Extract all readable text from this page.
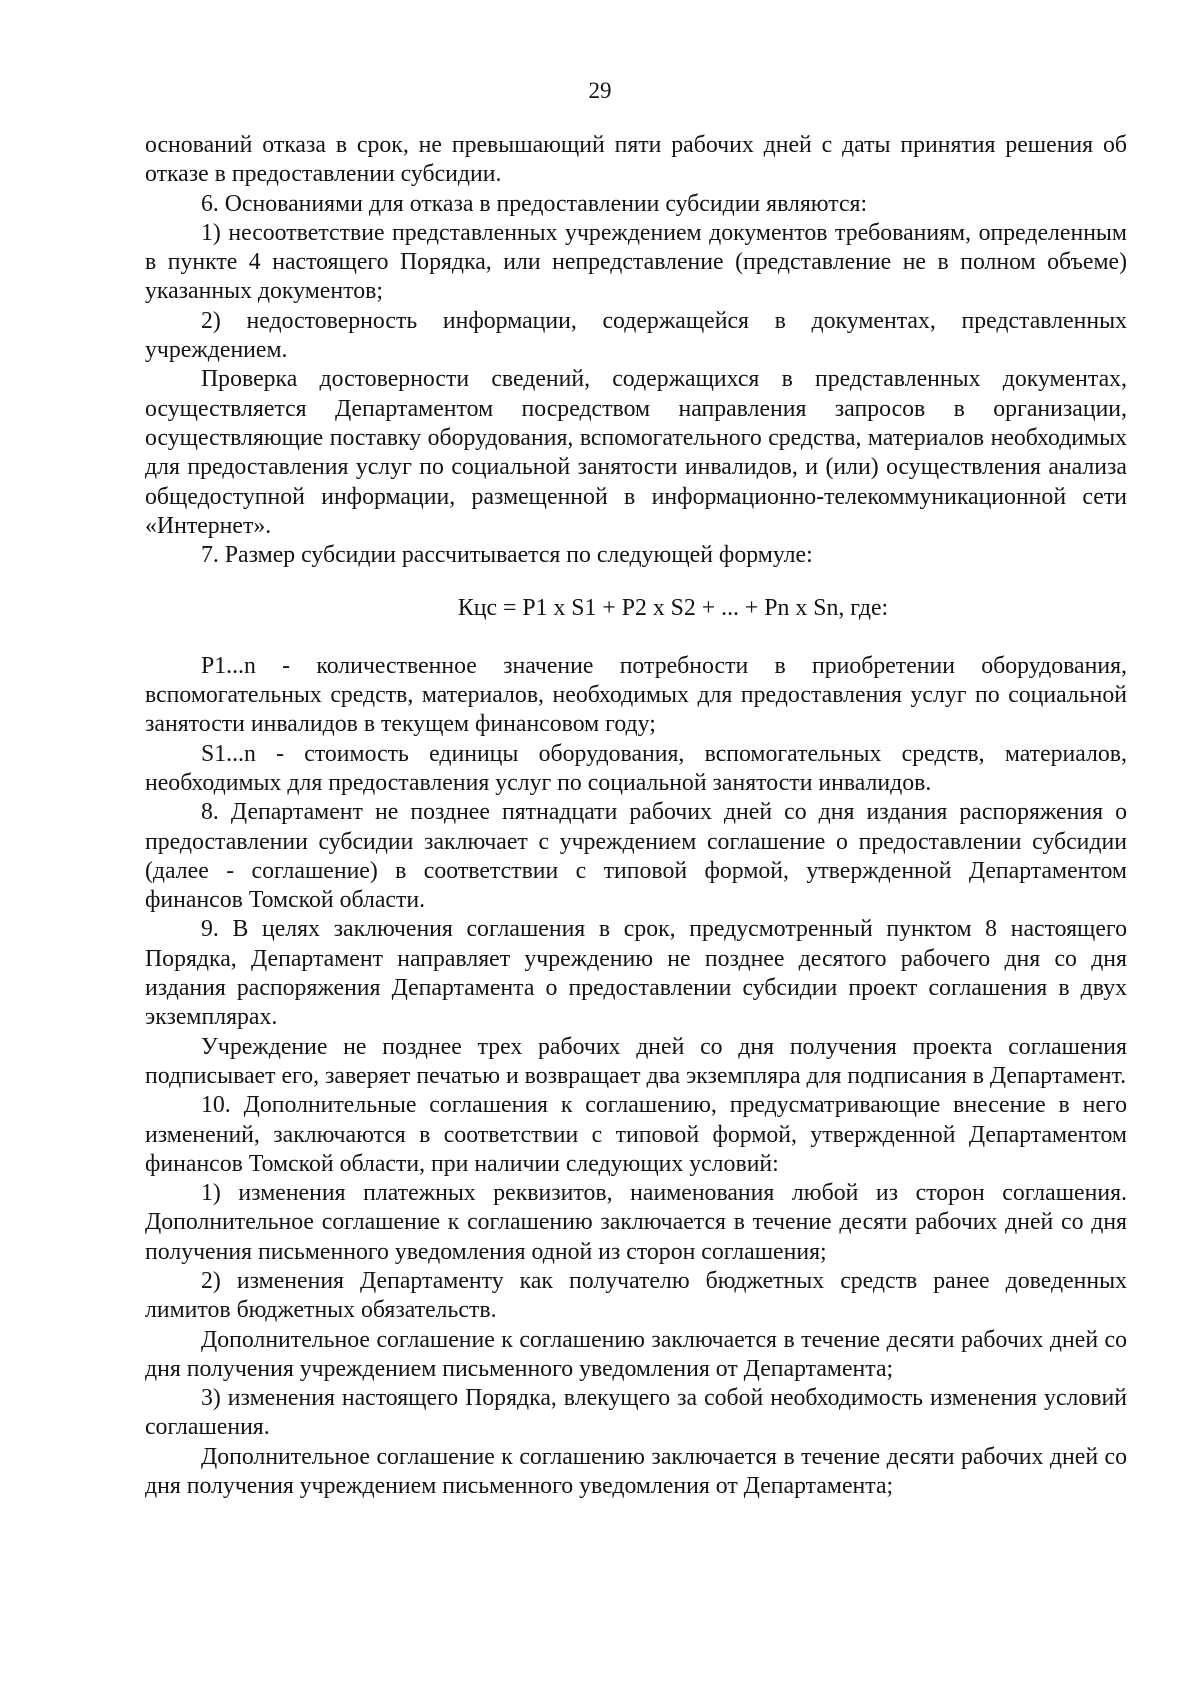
29

оснований отказа в срок, не превышающий пяти рабочих дней с даты принятия решения об отказе в предоставлении субсидии.

6. Основаниями для отказа в предоставлении субсидии являются:

1) несоответствие представленных учреждением документов требованиям, определенным в пункте 4 настоящего Порядка, или непредставление (представление не в полном объеме) указанных документов;

2) недостоверность информации, содержащейся в документах, представленных учреждением.

Проверка достоверности сведений, содержащихся в представленных документах, осуществляется Департаментом посредством направления запросов в организации, осуществляющие поставку оборудования, вспомогательного средства, материалов необходимых для предоставления услуг по социальной занятости инвалидов, и (или) осуществления анализа общедоступной информации, размещенной в информационно-телекоммуникационной сети «Интернет».

7. Размер субсидии рассчитывается по следующей формуле:

Кцс = P1 x S1 + P2 x S2 + ... + Pn x Sn, где:

P1...n - количественное значение потребности в приобретении оборудования, вспомогательных средств, материалов, необходимых для предоставления услуг по социальной занятости инвалидов в текущем финансовом году;

S1...n - стоимость единицы оборудования, вспомогательных средств, материалов, необходимых для предоставления услуг по социальной занятости инвалидов.

8. Департамент не позднее пятнадцати рабочих дней со дня издания распоряжения о предоставлении субсидии заключает с учреждением соглашение о предоставлении субсидии (далее - соглашение) в соответствии с типовой формой, утвержденной Департаментом финансов Томской области.

9. В целях заключения соглашения в срок, предусмотренный пунктом 8 настоящего Порядка, Департамент направляет учреждению не позднее десятого рабочего дня со дня издания распоряжения Департамента о предоставлении субсидии проект соглашения в двух экземплярах.

Учреждение не позднее трех рабочих дней со дня получения проекта соглашения подписывает его, заверяет печатью и возвращает два экземпляра для подписания в Департамент.

10. Дополнительные соглашения к соглашению, предусматривающие внесение в него изменений, заключаются в соответствии с типовой формой, утвержденной Департаментом финансов Томской области, при наличии следующих условий:

1) изменения платежных реквизитов, наименования любой из сторон соглашения. Дополнительное соглашение к соглашению заключается в течение десяти рабочих дней со дня получения письменного уведомления одной из сторон соглашения;

2) изменения Департаменту как получателю бюджетных средств ранее доведенных лимитов бюджетных обязательств.

Дополнительное соглашение к соглашению заключается в течение десяти рабочих дней со дня получения учреждением письменного уведомления от Департамента;

3) изменения настоящего Порядка, влекущего за собой необходимость изменения условий соглашения.

Дополнительное соглашение к соглашению заключается в течение десяти рабочих дней со дня получения учреждением письменного уведомления от Департамента;
